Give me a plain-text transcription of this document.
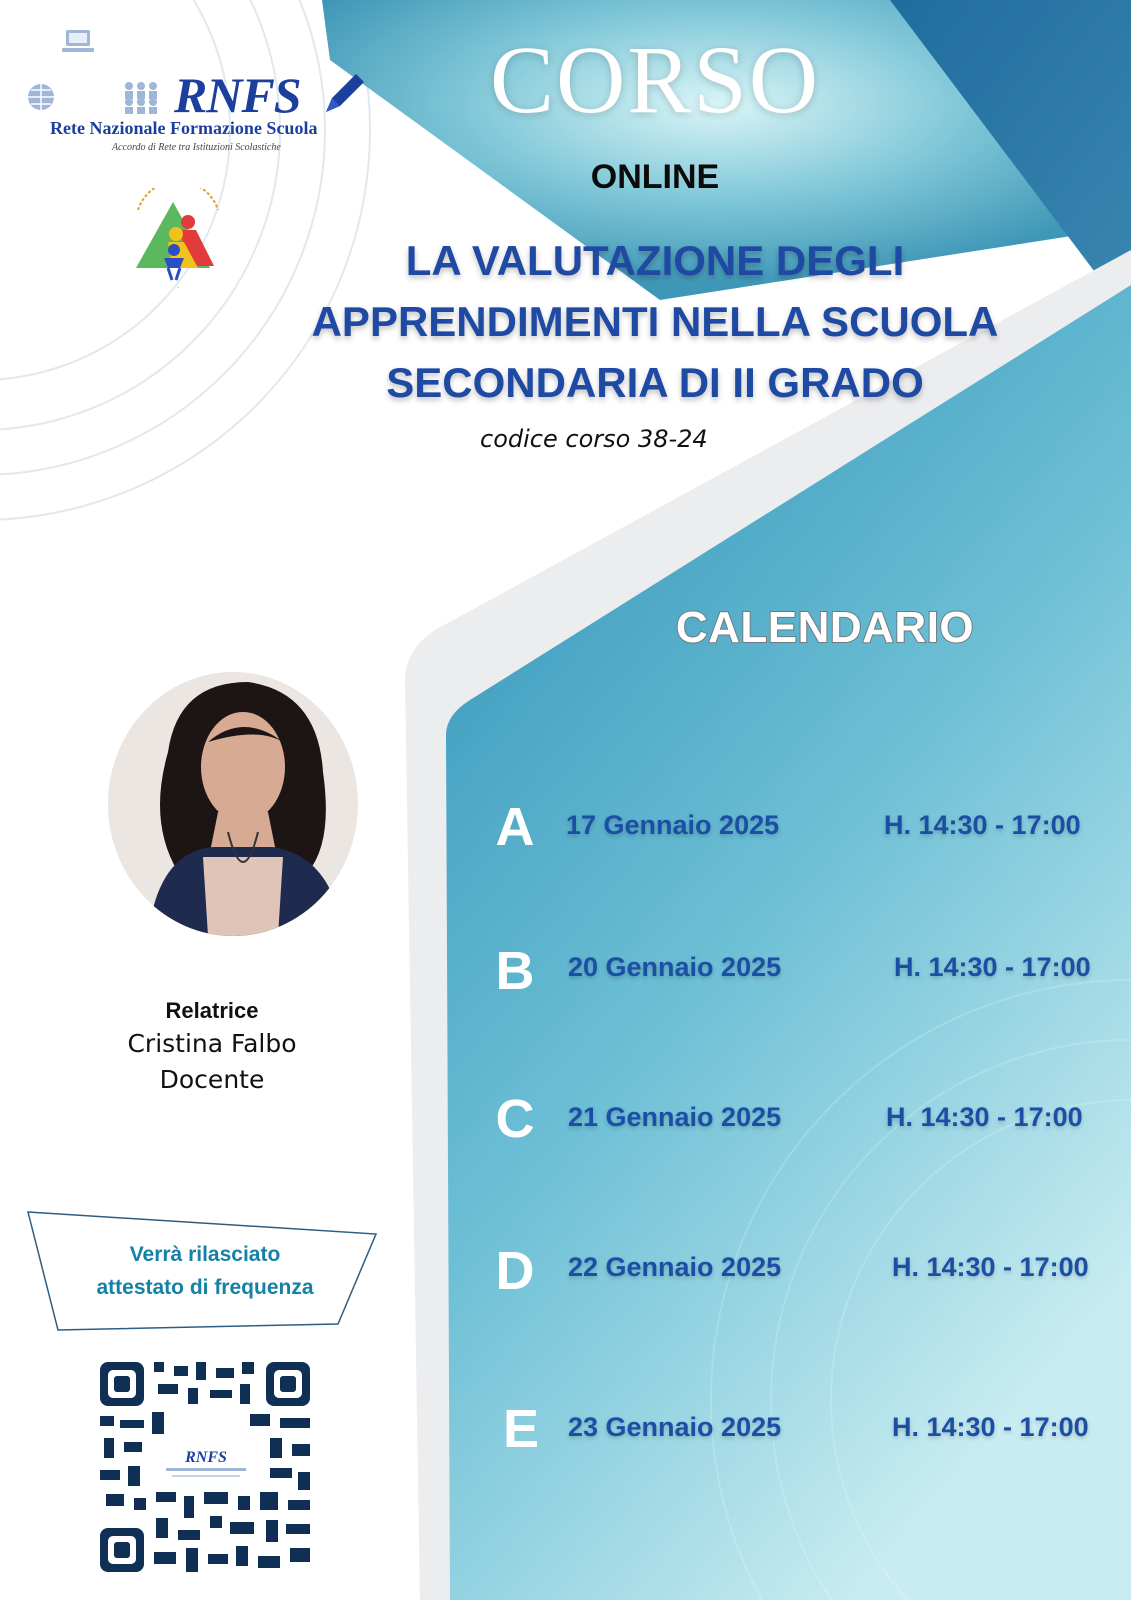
RNFS
Rete Nazionale Formazione Scuola
Accordo di Rete tra Istituzioni Scolastiche
·
CORSO
ONLINE
LA VALUTAZIONE DEGLI
APPRENDIMENTI NELLA SCUOLA
SECONDARIA DI II GRADO
codice corso 38-24
CALENDARIO
Relatrice
Cristina Falbo
Docente
Verrà rilasciato
attestato di frequenza
RNFS
A 17 Gennaio 2025	H. 14:30 - 17:00
B 20 Gennaio 2025	H. 14:30 - 17:00
C 21 Gennaio 2025	H. 14:30 - 17:00
D 22 Gennaio 2025	H. 14:30 - 17:00
E 23 Gennaio 2025	H. 14:30 - 17:00
